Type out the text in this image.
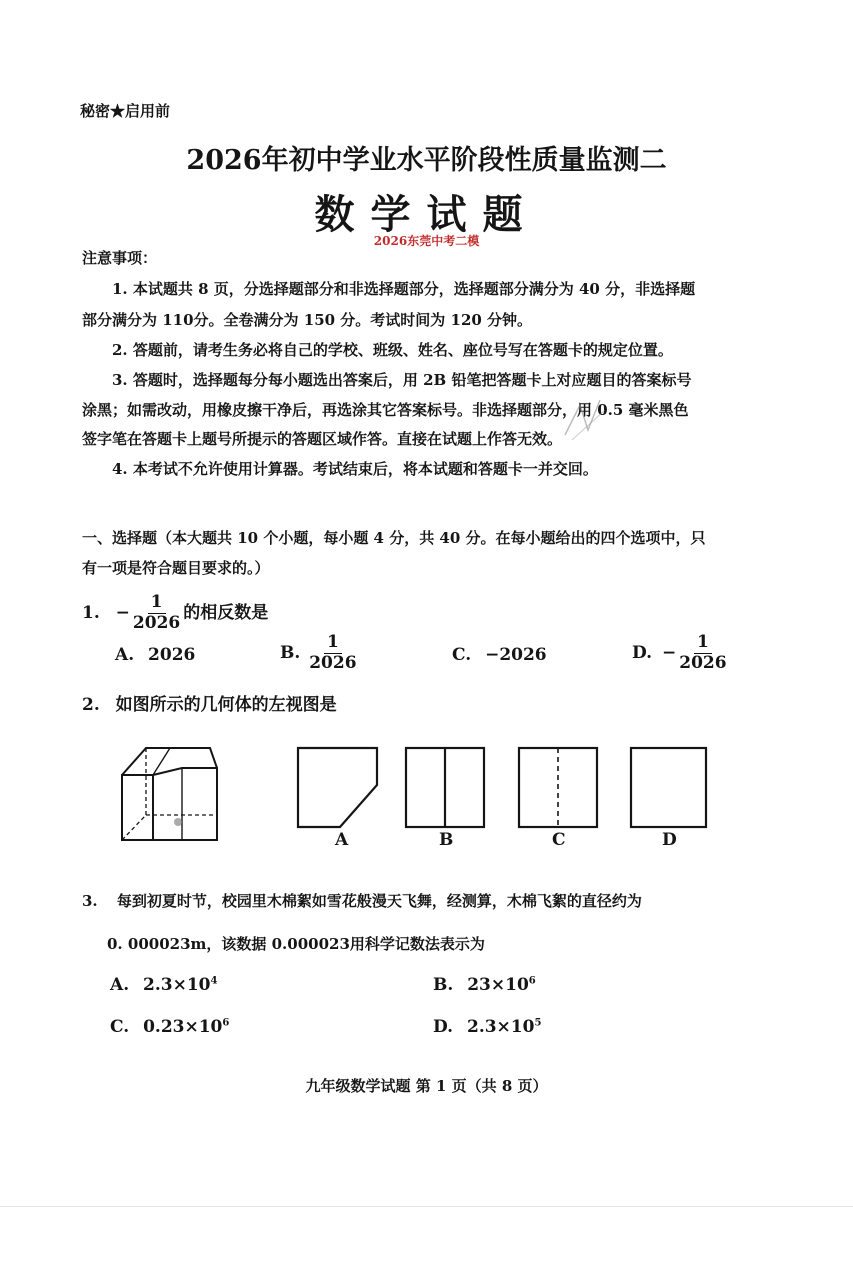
秘密★启用前
2026年初中学业水平阶段性质量监测二
数学试题
2026东莞中考二模
注意事项：
1. 本试题共 8 页，分选择题部分和非选择题部分，选择题部分满分为 40 分，非选择题
部分满分为 110分。全卷满分为 150 分。考试时间为 120 分钟。
2. 答题前，请考生务必将自己的学校、班级、姓名、座位号写在答题卡的规定位置。
3. 答题时，选择题每分每小题选出答案后，用 2B 铅笔把答题卡上对应题目的答案标号
涂黑；如需改动，用橡皮擦干净后，再选涂其它答案标号。非选择题部分，用 0.5 毫米黑色
签字笔在答题卡上题号所提示的答题区域作答。直接在试题上作答无效。
4. 本考试不允许使用计算器。考试结束后，将本试题和答题卡一并交回。
一、选择题（本大题共 10 个小题，每小题 4 分，共 40 分。在每小题给出的四个选项中，只
有一项是符合题目要求的。）
1. − $\frac{1}{2026}$ 的相反数是
A. 2026	B. $\frac{1}{2026}$	C. −2026	D. − $\frac{1}{2026}$
2. 如图所示的几何体的左视图是
A	B	C	D
3. 每到初夏时节，校园里木棉絮如雪花般漫天飞舞，经测算，木棉飞絮的直径约为
0. 000023m，该数据 0.000023用科学记数法表示为
A. $2.3\times 10^4$	B. $23\times 10^6$
C. $0.23\times 10^6$	D. $2.3\times 10^5$
九年级数学试题 第 1 页（共 8 页）
